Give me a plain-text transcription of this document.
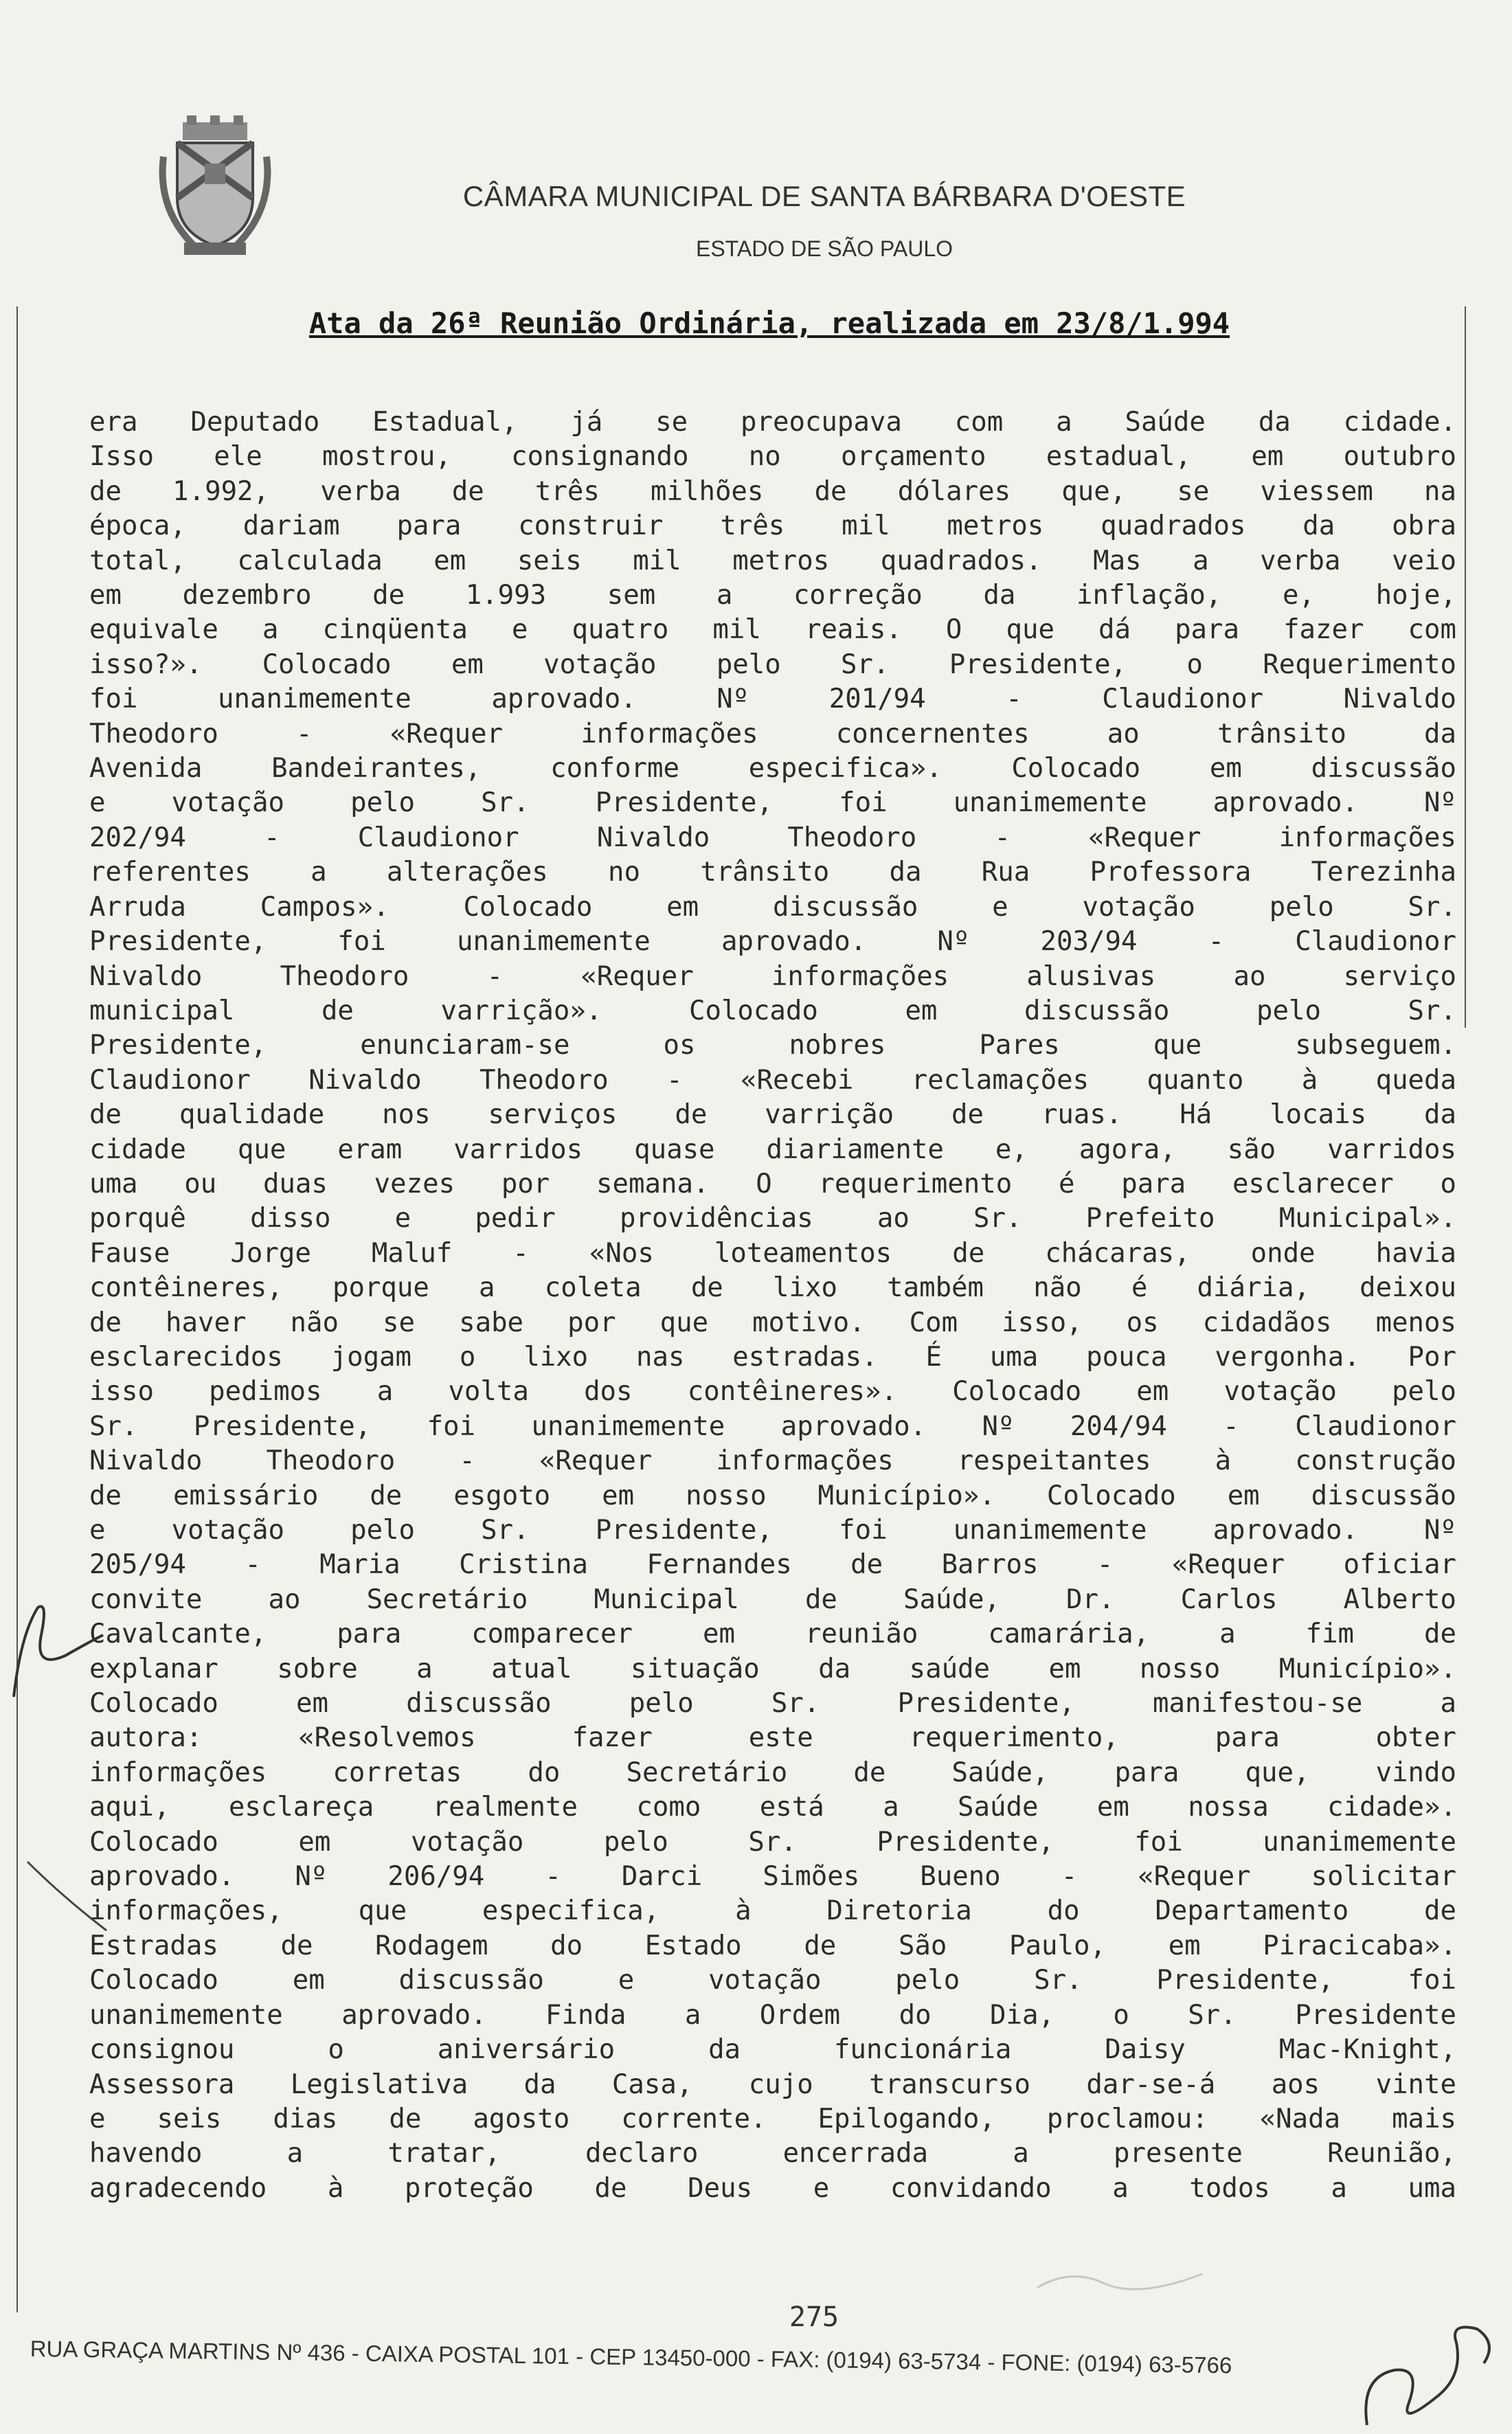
CÂMARA MUNICIPAL DE SANTA BÁRBARA D'OESTE
ESTADO DE SÃO PAULO
Ata da 26ª Reunião Ordinária, realizada em 23/8/1.994
era Deputado Estadual, já se preocupava com a Saúde da cidade.
Isso ele mostrou, consignando no orçamento estadual, em outubro
de 1.992, verba de três milhões de dólares que, se viessem na
época, dariam para construir três mil metros quadrados da obra
total, calculada em seis mil metros quadrados. Mas a verba veio
em dezembro de 1.993 sem a correção da inflação, e, hoje,
equivale a cinqüenta e quatro mil reais. O que dá para fazer com
isso?». Colocado em votação pelo Sr. Presidente, o Requerimento
foi unanimemente aprovado. Nº 201/94 - Claudionor Nivaldo
Theodoro - «Requer informações concernentes ao trânsito da
Avenida Bandeirantes, conforme especifica». Colocado em discussão
e votação pelo Sr. Presidente, foi unanimemente aprovado. Nº
202/94 - Claudionor Nivaldo Theodoro - «Requer informações
referentes a alterações no trânsito da Rua Professora Terezinha
Arruda Campos». Colocado em discussão e votação pelo Sr.
Presidente, foi unanimemente aprovado. Nº 203/94 - Claudionor
Nivaldo Theodoro - «Requer informações alusivas ao serviço
municipal de varrição». Colocado em discussão pelo Sr.
Presidente, enunciaram-se os nobres Pares que subseguem.
Claudionor Nivaldo Theodoro - «Recebi reclamações quanto à queda
de qualidade nos serviços de varrição de ruas. Há locais da
cidade que eram varridos quase diariamente e, agora, são varridos
uma ou duas vezes por semana. O requerimento é para esclarecer o
porquê disso e pedir providências ao Sr. Prefeito Municipal».
Fause Jorge Maluf - «Nos loteamentos de chácaras, onde havia
contêineres, porque a coleta de lixo também não é diária, deixou
de haver não se sabe por que motivo. Com isso, os cidadãos menos
esclarecidos jogam o lixo nas estradas. É uma pouca vergonha. Por
isso pedimos a volta dos contêineres». Colocado em votação pelo
Sr. Presidente, foi unanimemente aprovado. Nº 204/94 - Claudionor
Nivaldo Theodoro - «Requer informações respeitantes à construção
de emissário de esgoto em nosso Município». Colocado em discussão
e votação pelo Sr. Presidente, foi unanimemente aprovado. Nº
205/94 - Maria Cristina Fernandes de Barros - «Requer oficiar
convite ao Secretário Municipal de Saúde, Dr. Carlos Alberto
Cavalcante, para comparecer em reunião camarária, a fim de
explanar sobre a atual situação da saúde em nosso Município».
Colocado em discussão pelo Sr. Presidente, manifestou-se a
autora: «Resolvemos fazer este requerimento, para obter
informações corretas do Secretário de Saúde, para que, vindo
aqui, esclareça realmente como está a Saúde em nossa cidade».
Colocado em votação pelo Sr. Presidente, foi unanimemente
aprovado. Nº 206/94 - Darci Simões Bueno - «Requer solicitar
informações, que especifica, à Diretoria do Departamento de
Estradas de Rodagem do Estado de São Paulo, em Piracicaba».
Colocado em discussão e votação pelo Sr. Presidente, foi
unanimemente aprovado. Finda a Ordem do Dia, o Sr. Presidente
consignou o aniversário da funcionária Daisy Mac-Knight,
Assessora Legislativa da Casa, cujo transcurso dar-se-á aos vinte
e seis dias de agosto corrente. Epilogando, proclamou: «Nada mais
havendo a tratar, declaro encerrada a presente Reunião,
agradecendo à proteção de Deus e convidando a todos a uma
275
RUA GRAÇA MARTINS Nº 436 - CAIXA POSTAL 101 - CEP 13450-000 - FAX: (0194) 63-5734 - FONE: (0194) 63-5766
